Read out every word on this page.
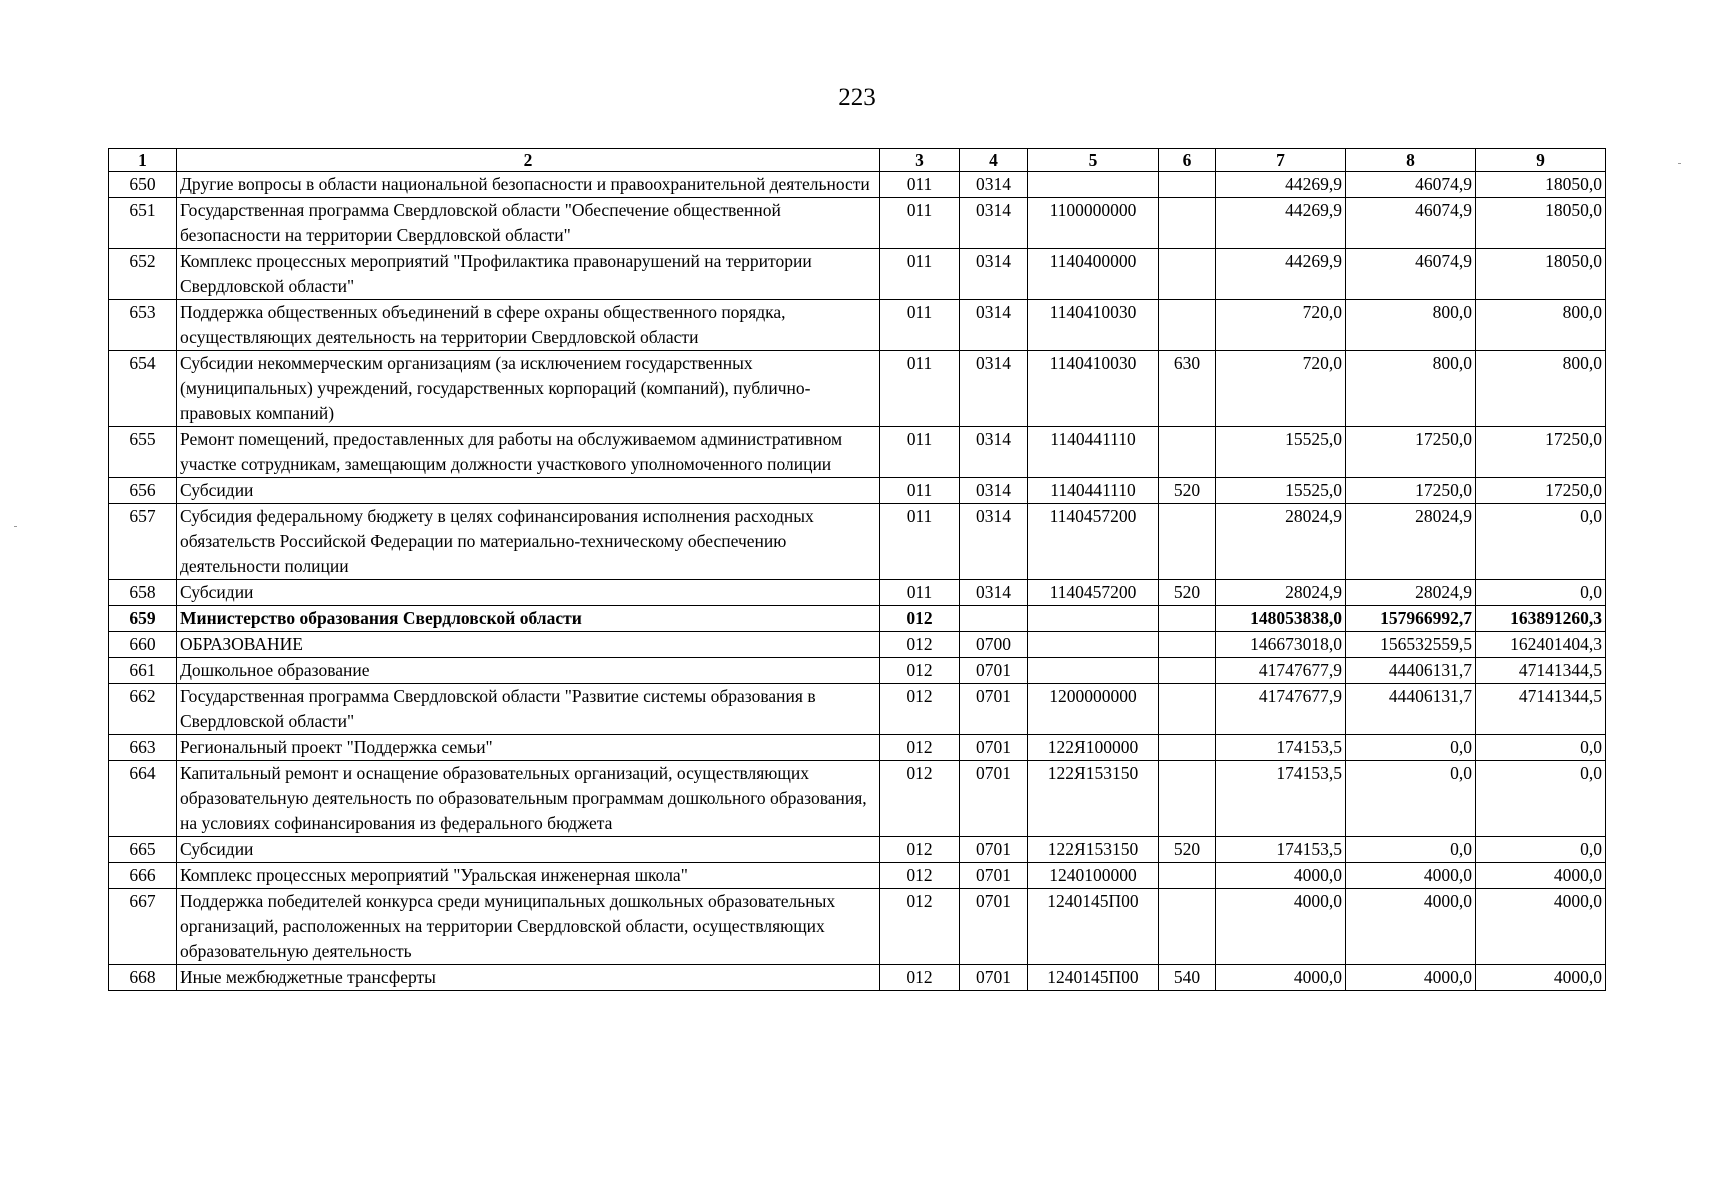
223
1	2	3	4	5	6	7	8	9
650	Другие вопросы в области национальной безопасности и правоохранительной деятельности	011	0314			44269,9	46074,9	18050,0
651	Государственная программа Свердловской области "Обеспечение общественной безопасности на территории Свердловской области"	011	0314	1100000000		44269,9	46074,9	18050,0
652	Комплекс процессных мероприятий "Профилактика правонарушений на территории Свердловской области"	011	0314	1140400000		44269,9	46074,9	18050,0
653	Поддержка общественных объединений в сфере охраны общественного порядка, осуществляющих деятельность на территории Свердловской области	011	0314	1140410030		720,0	800,0	800,0
654	Субсидии некоммерческим организациям (за исключением государственных (муниципальных) учреждений, государственных корпораций (компаний), публично-правовых компаний)	011	0314	1140410030	630	720,0	800,0	800,0
655	Ремонт помещений, предоставленных для работы на обслуживаемом административном участке сотрудникам, замещающим должности участкового уполномоченного полиции	011	0314	1140441110		15525,0	17250,0	17250,0
656	Субсидии	011	0314	1140441110	520	15525,0	17250,0	17250,0
657	Субсидия федеральному бюджету в целях софинансирования исполнения расходных обязательств Российской Федерации по материально-техническому обеспечению деятельности полиции	011	0314	1140457200		28024,9	28024,9	0,0
658	Субсидии	011	0314	1140457200	520	28024,9	28024,9	0,0
659	Министерство образования Свердловской области	012				148053838,0	157966992,7	163891260,3
660	ОБРАЗОВАНИЕ	012	0700			146673018,0	156532559,5	162401404,3
661	Дошкольное образование	012	0701			41747677,9	44406131,7	47141344,5
662	Государственная программа Свердловской области "Развитие системы образования в Свердловской области"	012	0701	1200000000		41747677,9	44406131,7	47141344,5
663	Региональный проект "Поддержка семьи"	012	0701	122Я100000		174153,5	0,0	0,0
664	Капитальный ремонт и оснащение образовательных организаций, осуществляющих образовательную деятельность по образовательным программам дошкольного образования, на условиях софинансирования из федерального бюджета	012	0701	122Я153150		174153,5	0,0	0,0
665	Субсидии	012	0701	122Я153150	520	174153,5	0,0	0,0
666	Комплекс процессных мероприятий "Уральская инженерная школа"	012	0701	1240100000		4000,0	4000,0	4000,0
667	Поддержка победителей конкурса среди муниципальных дошкольных образовательных организаций, расположенных на территории Свердловской области, осуществляющих образовательную деятельность	012	0701	1240145П00		4000,0	4000,0	4000,0
668	Иные межбюджетные трансферты	012	0701	1240145П00	540	4000,0	4000,0	4000,0
